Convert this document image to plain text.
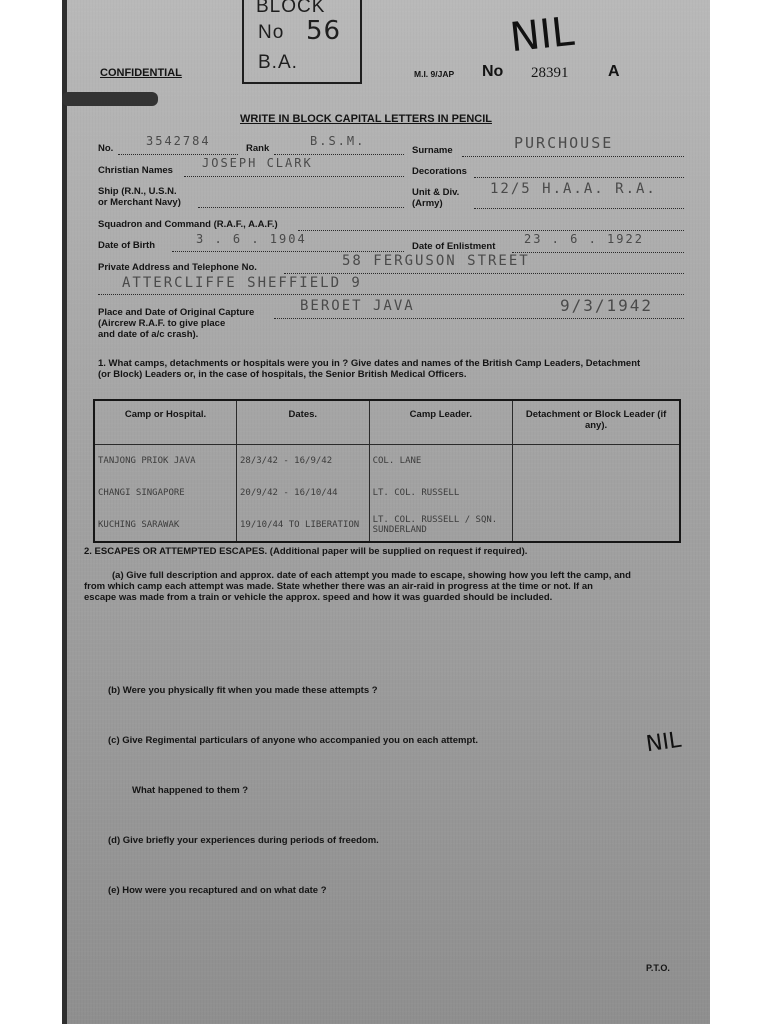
BLOCK
No 56
B.A.
CONFIDENTIAL	M.I. 9/JAP No 28391 A
NIL
WRITE IN BLOCK CAPITAL LETTERS IN PENCIL
No.
3542784
Rank
B.S.M.
Surname	PURCHOUSE
Christian Names
JOSEPH CLARK
Decorations
Ship (R.N., U.S.N.
or Merchant Navy)
Unit & Div.
(Army)
12/5 H.A.A. R.A.
Squadron and Command (R.A.F., A.A.F.)
Date of Birth	3 . 6 . 1904
Date of Enlistment
23 . 6 . 1922
Private Address and Telephone No.	58 FERGUSON STREET
ATTERCLIFFE SHEFFIELD 9
Place and Date of Original Capture
(Aircrew R.A.F. to give place
and date of a/c crash).
BEROET JAVA	9/3/1942
1. What camps, detachments or hospitals were you in ? Give dates and names of the British Camp Leaders, Detachment
(or Block) Leaders or, in the case of hospitals, the Senior British Medical Officers.
Camp or Hospital.	Dates.	Camp Leader.	Detachment or Block Leader (if any).
TANJONG PRIOK JAVA	28/3/42 - 16/9/42	COL. LANE	
CHANGI SINGAPORE	20/9/42 - 16/10/44	LT. COL. RUSSELL	
KUCHING SARAWAK	19/10/44 TO LIBERATION	LT. COL. RUSSELL / SQN. SUNDERLAND	
2. ESCAPES OR ATTEMPTED ESCAPES. (Additional paper will be supplied on request if required).
(a) Give full description and approx. date of each attempt you made to escape, showing how you left the camp, and
from which camp each attempt was made. State whether there was an air-raid in progress at the time or not. If an
escape was made from a train or vehicle the approx. speed and how it was guarded should be included.
(b) Were you physically fit when you made these attempts ?
(c) Give Regimental particulars of anyone who accompanied you on each attempt.
What happened to them ?
(d) Give briefly your experiences during periods of freedom.
(e) How were you recaptured and on what date ?
NIL
P.T.O.
